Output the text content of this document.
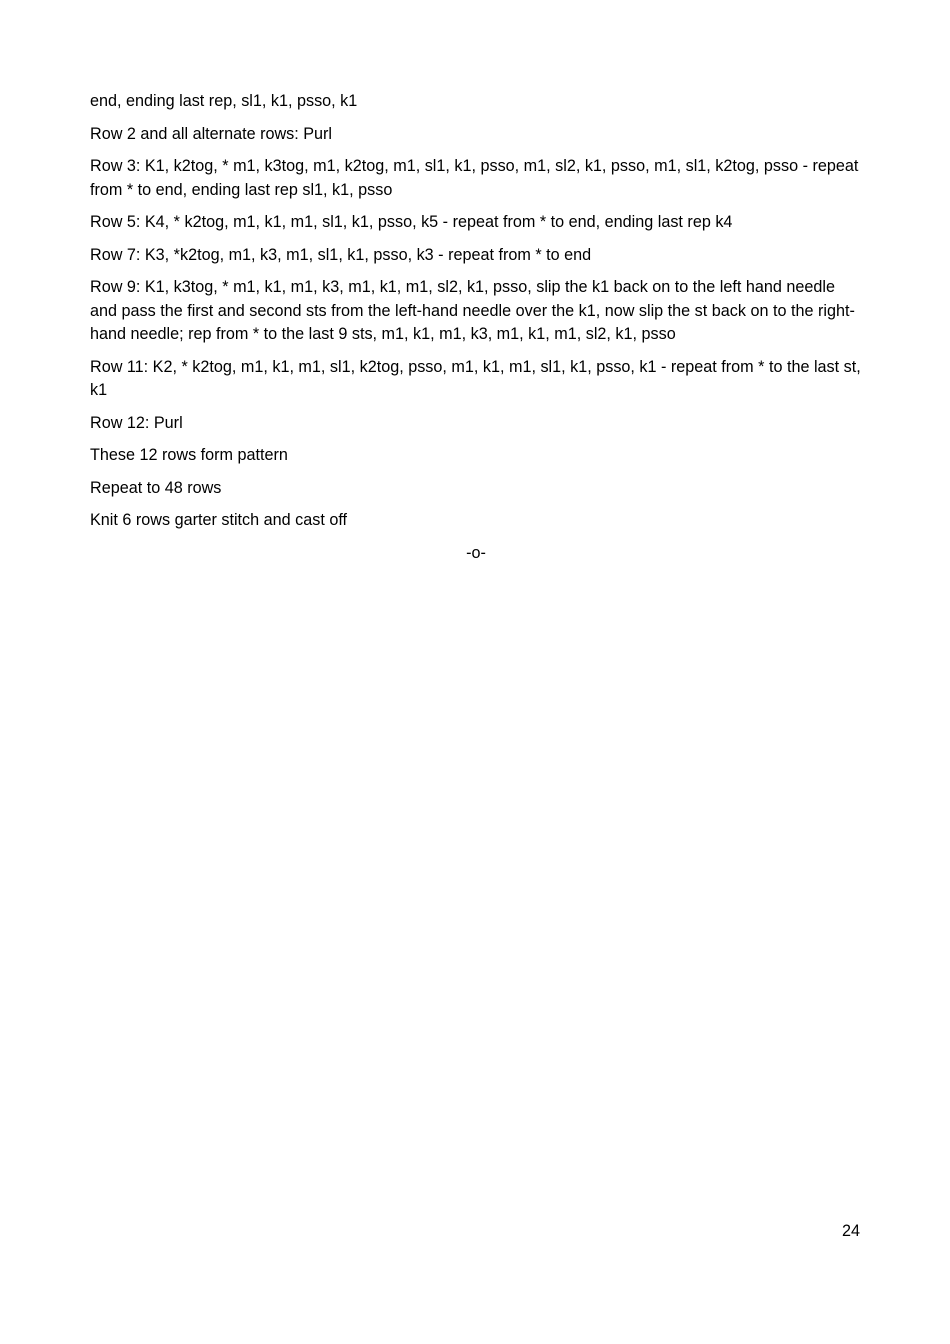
end, ending last rep, sl1, k1, psso, k1

Row 2 and all alternate rows: Purl

Row 3: K1, k2tog, * m1, k3tog, m1, k2tog, m1, sl1, k1, psso, m1, sl2, k1, psso, m1, sl1, k2tog, psso - repeat from * to end, ending last rep sl1, k1, psso

Row 5: K4, * k2tog, m1, k1, m1, sl1, k1, psso, k5 - repeat from * to end, ending last rep k4

Row 7: K3, *k2tog, m1, k3, m1, sl1, k1, psso, k3 - repeat from * to end

Row 9: K1, k3tog, * m1, k1, m1, k3, m1, k1, m1, sl2, k1, psso, slip the k1 back on to the left hand needle and pass the first and second sts from the left-hand needle over the k1, now slip the st back on to the right-hand needle; rep from * to the last 9 sts, m1, k1, m1, k3, m1, k1, m1, sl2, k1, psso

Row 11: K2, * k2tog, m1, k1, m1, sl1, k2tog, psso, m1, k1, m1, sl1, k1, psso, k1 - repeat from * to the last st, k1

Row 12: Purl

These 12 rows form pattern

Repeat to 48 rows

Knit 6 rows garter stitch and cast off

-o-

24
